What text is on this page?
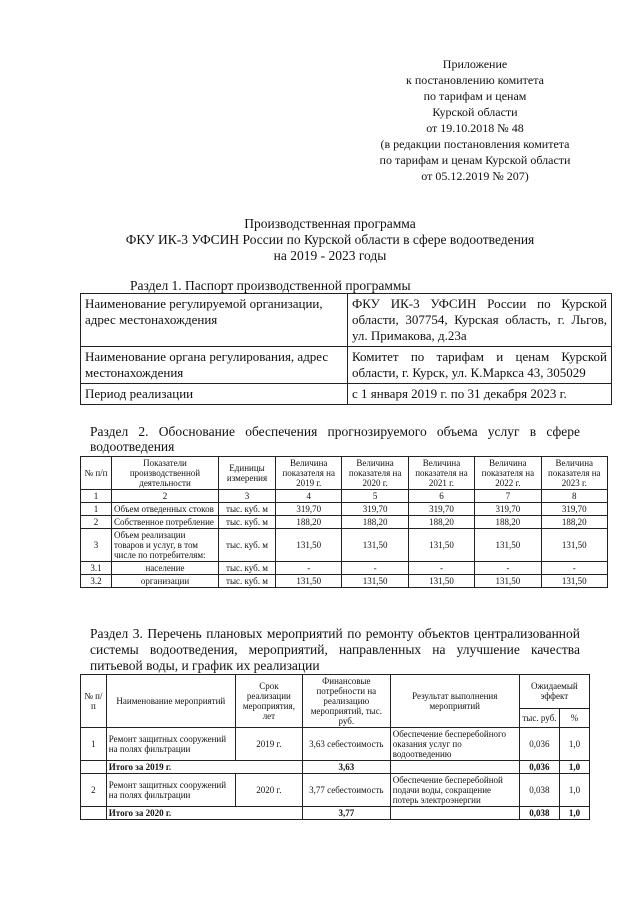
Приложение
к постановлению комитета
по тарифам и ценам
Курской области
от 19.10.2018 № 48
(в редакции постановления комитета
по тарифам и ценам Курской области
от 05.12.2019 № 207)
Производственная программа
ФКУ ИК-3 УФСИН России по Курской области в сфере водоотведения
на 2019 - 2023 годы
Раздел 1. Паспорт производственной программы
Наименование регулируемой организации, адрес местонахождения	ФКУ ИК-3 УФСИН России по Курской области, 307754, Курская область, г. Льгов, ул. Примакова, д.23а
Наименование органа регулирования, адрес местонахождения	Комитет по тарифам и ценам Курской области, г. Курск, ул. К.Маркса 43, 305029
Период реализации	с 1 января 2019 г. по 31 декабря 2023 г.
Раздел 2. Обоснование обеспечения прогнозируемого объема услуг в сфере водоотведения
№ п/п	Показатели производственной деятельности	Единицы измерения	Величина показателя на 2019 г.	Величина показателя на 2020 г.	Величина показателя на 2021 г.	Величина показателя на 2022 г.	Величина показателя на 2023 г.
1	2	3	4	5	6	7	8
1	Объем отведенных стоков	тыс. куб. м	319,70	319,70	319,70	319,70	319,70
2	Собственное потребление	тыс. куб. м	188,20	188,20	188,20	188,20	188,20
3	Объем реализации товаров и услуг, в том числе по потребителям:	тыс. куб. м	131,50	131,50	131,50	131,50	131,50
3.1	население	тыс. куб. м	-	-	-	-	-
3.2	организации	тыс. куб. м	131,50	131,50	131,50	131,50	131,50
Раздел 3. Перечень плановых мероприятий по ремонту объектов централизованной системы водоотведения, мероприятий, направленных на улучшение качества питьевой воды, и график их реализации
№ п/п	Наименование мероприятий	Срок реализации мероприятия, лет	Финансовые потребности на реализацию мероприятий, тыс. руб.	Результат выполнения мероприятий	Ожидаемый эффект	
					тыс. руб.	%
1	Ремонт защитных сооружений на полях фильтрации	2019 г.	3,63 себестоимость	Обеспечение бесперебойного оказания услуг по водоотведению	0,036	1,0
	Итого за 2019 г.		3,63		0,036	1,0
2	Ремонт защитных сооружений на полях фильтрации	2020 г.	3,77 себестоимость	Обеспечение бесперебойной подачи воды, сокращение потерь электроэнергии	0,038	1,0
	Итого за 2020 г.		3,77		0,038	1,0
